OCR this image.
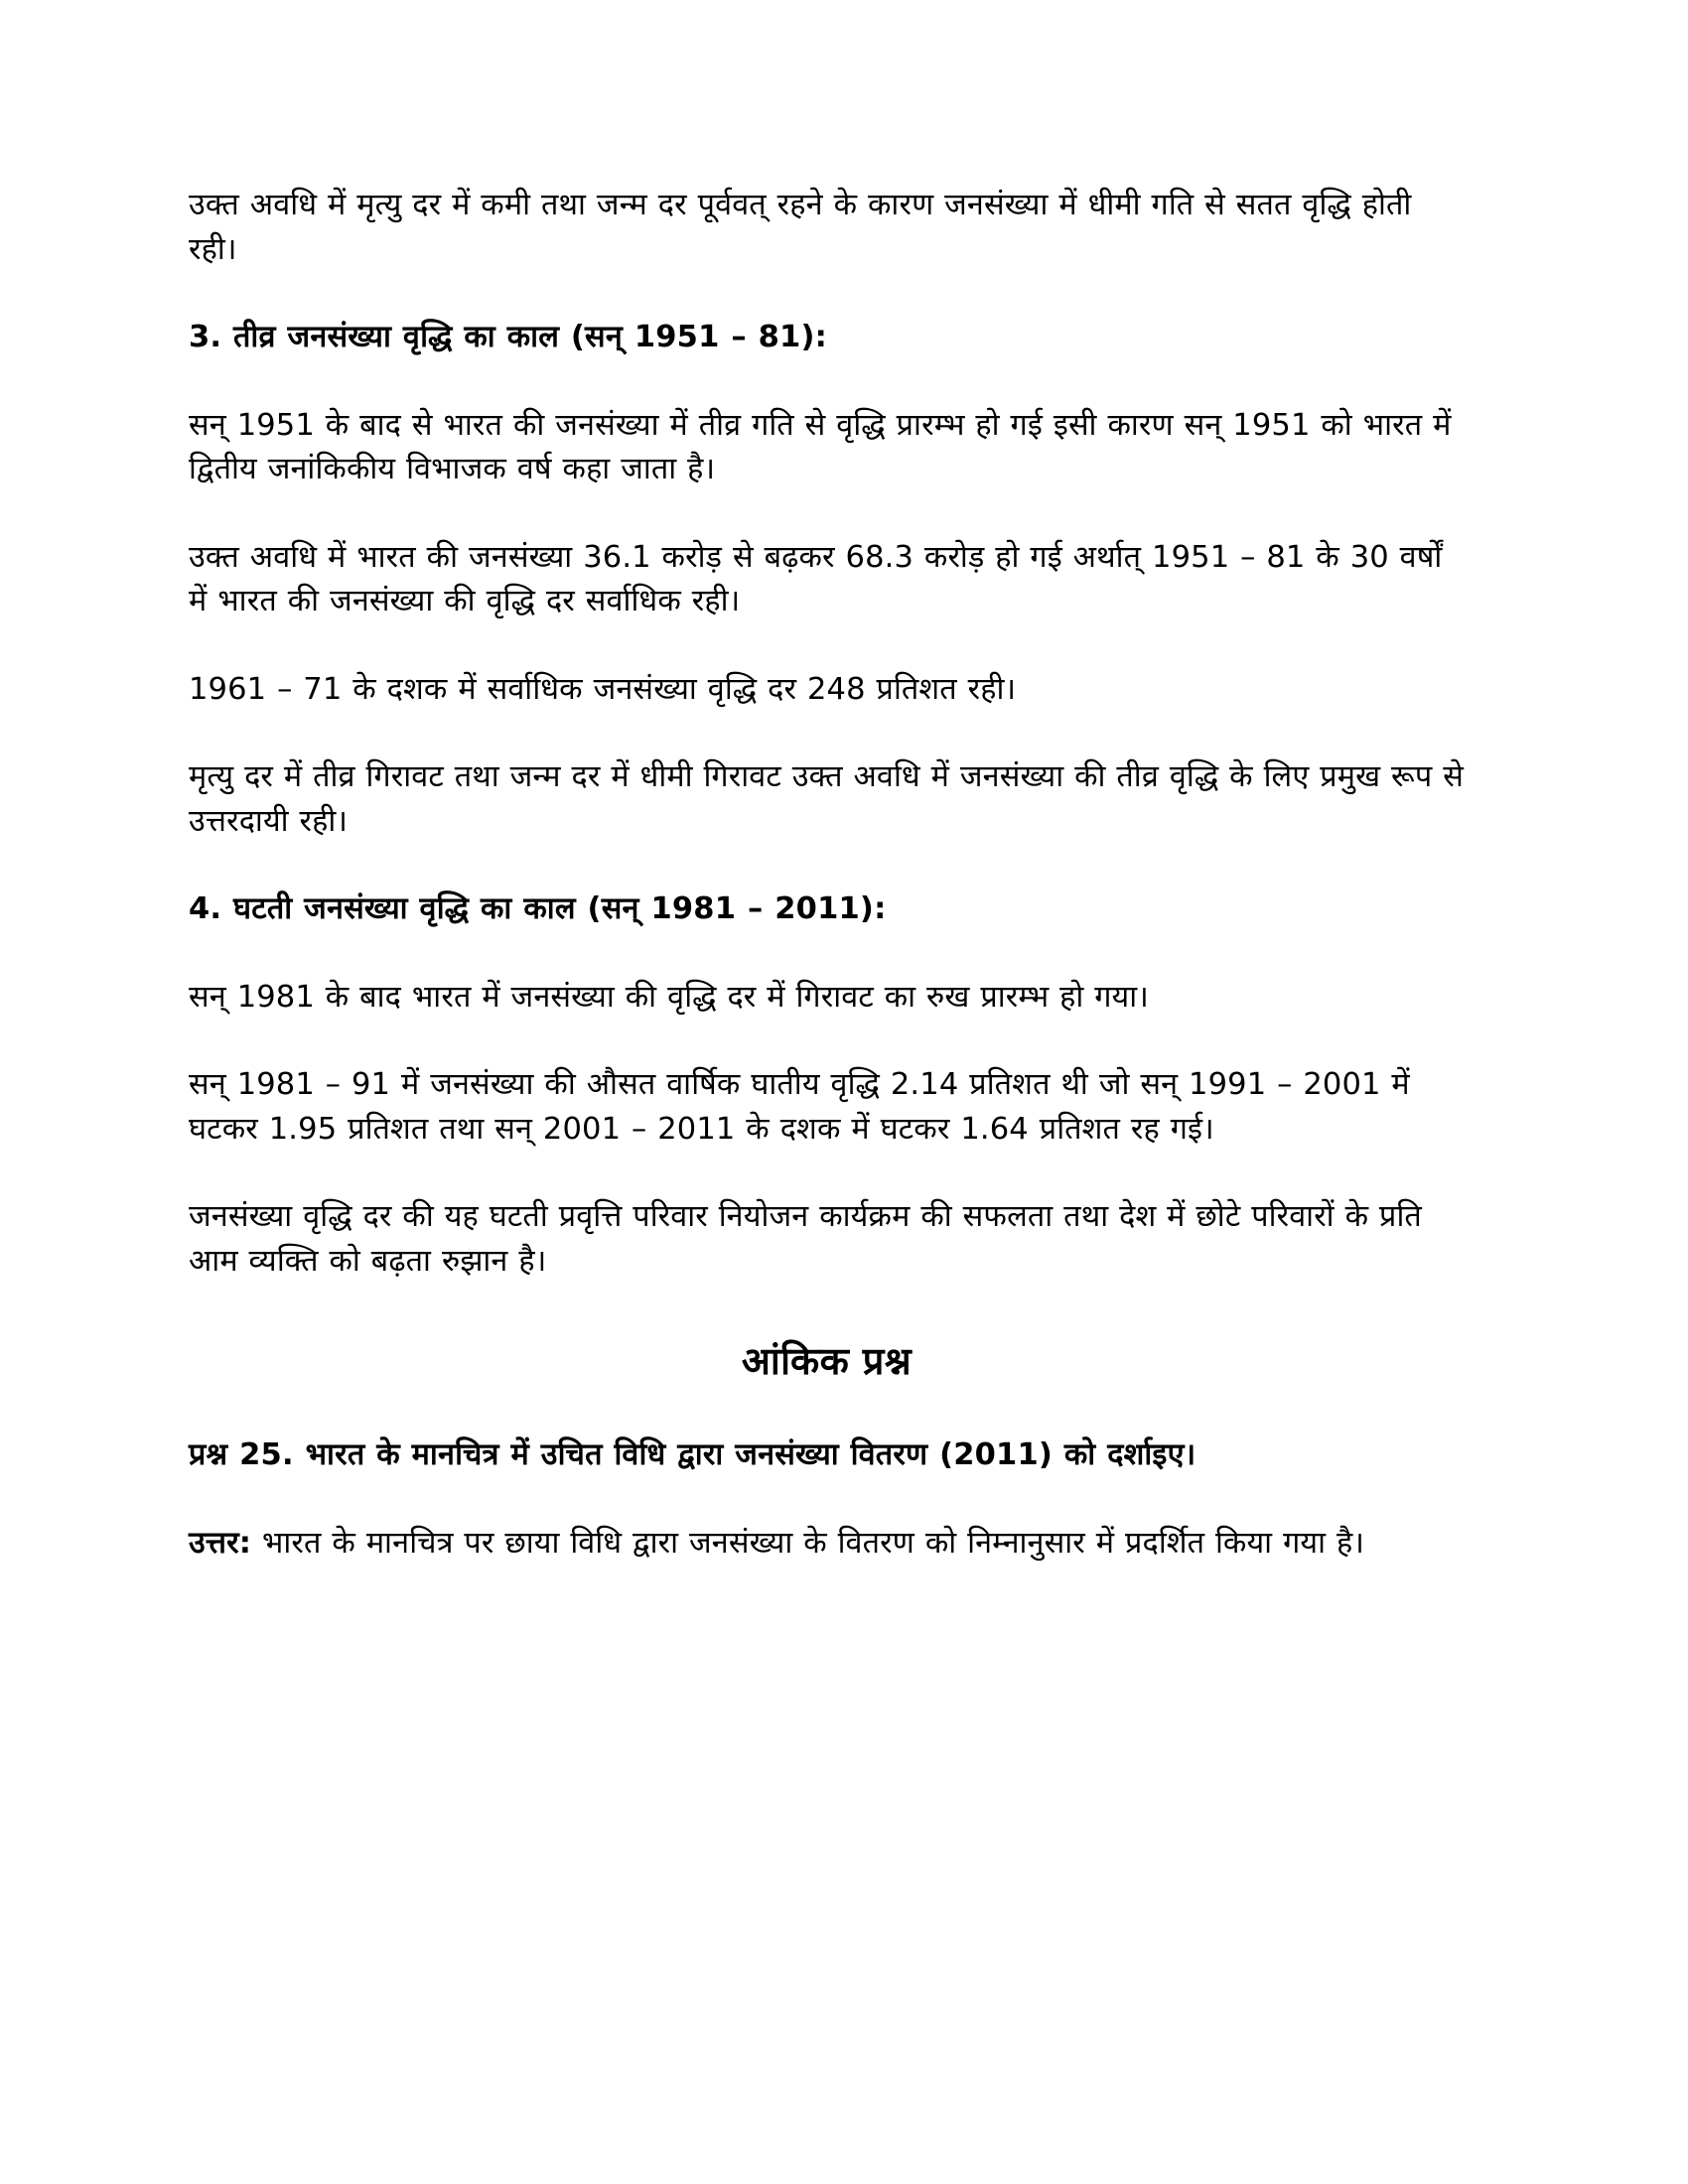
उक्त अवधि में मृत्यु दर में कमी तथा जन्म दर पूर्ववत् रहने के कारण जनसंख्या में धीमी गति से सतत वृद्धि होती रही।

3. तीव्र जनसंख्या वृद्धि का काल (सन् 1951 – 81):

सन् 1951 के बाद से भारत की जनसंख्या में तीव्र गति से वृद्धि प्रारम्भ हो गई इसी कारण सन् 1951 को भारत में द्वितीय जनांकिकीय विभाजक वर्ष कहा जाता है।

उक्त अवधि में भारत की जनसंख्या 36.1 करोड़ से बढ़कर 68.3 करोड़ हो गई अर्थात् 1951 – 81 के 30 वर्षों में भारत की जनसंख्या की वृद्धि दर सर्वाधिक रही।

1961 – 71 के दशक में सर्वाधिक जनसंख्या वृद्धि दर 248 प्रतिशत रही।

मृत्यु दर में तीव्र गिरावट तथा जन्म दर में धीमी गिरावट उक्त अवधि में जनसंख्या की तीव्र वृद्धि के लिए प्रमुख रूप से उत्तरदायी रही।

4. घटती जनसंख्या वृद्धि का काल (सन् 1981 – 2011):

सन् 1981 के बाद भारत में जनसंख्या की वृद्धि दर में गिरावट का रुख प्रारम्भ हो गया।

सन् 1981 – 91 में जनसंख्या की औसत वार्षिक घातीय वृद्धि 2.14 प्रतिशत थी जो सन् 1991 – 2001 में घटकर 1.95 प्रतिशत तथा सन् 2001 – 2011 के दशक में घटकर 1.64 प्रतिशत रह गई।

जनसंख्या वृद्धि दर की यह घटती प्रवृत्ति परिवार नियोजन कार्यक्रम की सफलता तथा देश में छोटे परिवारों के प्रति आम व्यक्ति को बढ़ता रुझान है।

आंकिक प्रश्न

प्रश्न 25. भारत के मानचित्र में उचित विधि द्वारा जनसंख्या वितरण (2011) को दर्शाइए।

उत्तर: भारत के मानचित्र पर छाया विधि द्वारा जनसंख्या के वितरण को निम्नानुसार में प्रदर्शित किया गया है।
